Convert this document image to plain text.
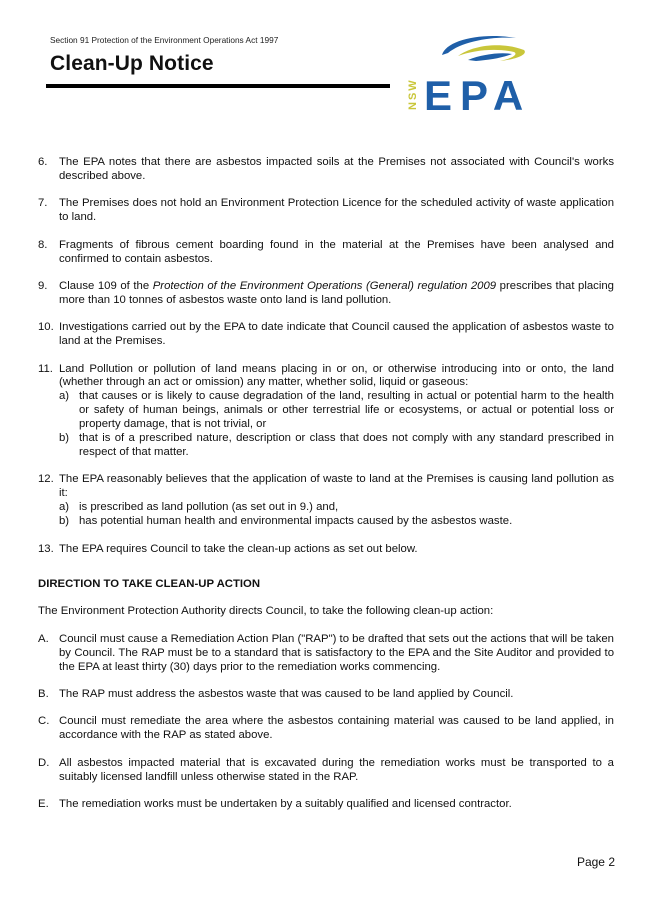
Section 91 Protection of the Environment Operations Act 1997
Clean-Up Notice
NSW EPA
6.	The EPA notes that there are asbestos impacted soils at the Premises not associated with Council's works described above.
7.	The Premises does not hold an Environment Protection Licence for the scheduled activity of waste application to land.
8.	Fragments of fibrous cement boarding found in the material at the Premises have been analysed and confirmed to contain asbestos.
9.	Clause 109 of the Protection of the Environment Operations (General) regulation 2009 prescribes that placing more than 10 tonnes of asbestos waste onto land is land pollution.
10. Investigations carried out by the EPA to date indicate that Council caused the application of asbestos waste to land at the Premises.
11. Land Pollution or pollution of land means placing in or on, or otherwise introducing into or onto, the land (whether through an act or omission) any matter, whether solid, liquid or gaseous:
a) that causes or is likely to cause degradation of the land, resulting in actual or potential harm to the health or safety of human beings, animals or other terrestrial life or ecosystems, or actual or potential loss or property damage, that is not trivial, or
b) that is of a prescribed nature, description or class that does not comply with any standard prescribed in respect of that matter.
12. The EPA reasonably believes that the application of waste to land at the Premises is causing land pollution as it:
a) is prescribed as land pollution (as set out in 9.) and,
b) has potential human health and environmental impacts caused by the asbestos waste.
13. The EPA requires Council to take the clean-up actions as set out below.
DIRECTION TO TAKE CLEAN-UP ACTION
The Environment Protection Authority directs Council, to take the following clean-up action:
A. Council must cause a Remediation Action Plan ("RAP") to be drafted that sets out the actions that will be taken by Council. The RAP must be to a standard that is satisfactory to the EPA and the Site Auditor and provided to the EPA at least thirty (30) days prior to the remediation works commencing.
B. The RAP must address the asbestos waste that was caused to be land applied by Council.
C. Council must remediate the area where the asbestos containing material was caused to be land applied, in accordance with the RAP as stated above.
D. All asbestos impacted material that is excavated during the remediation works must be transported to a suitably licensed landfill unless otherwise stated in the RAP.
E. The remediation works must be undertaken by a suitably qualified and licensed contractor.
Page 2
